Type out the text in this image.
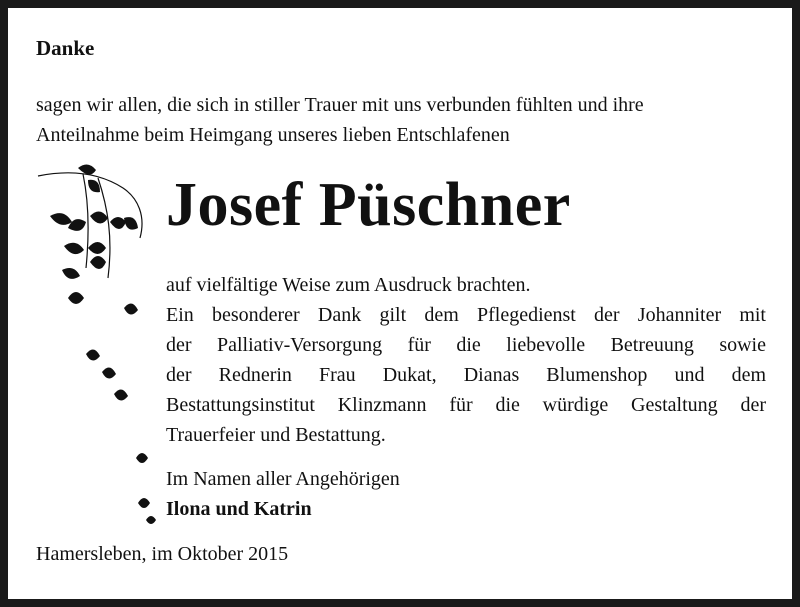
Danke
sagen wir allen, die sich in stiller Trauer mit uns verbunden fühlten und ihre
Anteilnahme beim Heimgang unseres lieben Entschlafenen
Josef Püschner
auf vielfältige Weise zum Ausdruck brachten.
Ein besonderer Dank gilt dem Pflegedienst der Johanniter mit
der Palliativ-Versorgung für die liebevolle Betreuung sowie
der Rednerin Frau Dukat, Dianas Blumenshop und dem
Bestattungsinstitut Klinzmann für die würdige Gestaltung der
Trauerfeier und Bestattung.
Im Namen aller Angehörigen
Ilona und Katrin
Hamersleben, im Oktober 2015
